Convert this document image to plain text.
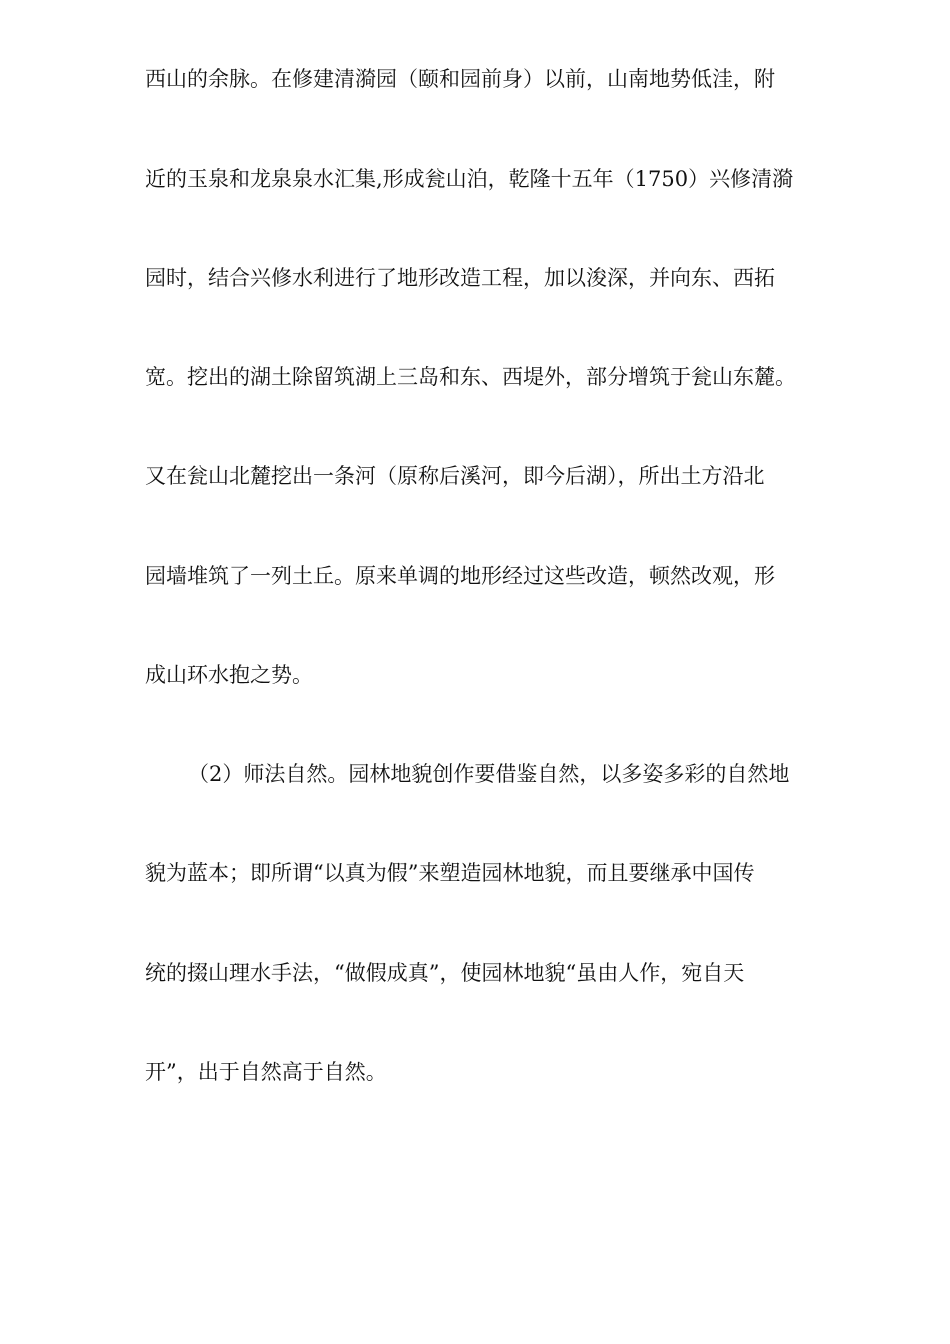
西山的余脉。在修建清漪园（颐和园前身）以前，山南地势低洼，附
近的玉泉和龙泉泉水汇集,形成瓮山泊，乾隆十五年（1750）兴修清漪
园时，结合兴修水利进行了地形改造工程，加以浚深，并向东、西拓
宽。挖出的湖土除留筑湖上三岛和东、西堤外，部分增筑于瓮山东麓。
又在瓮山北麓挖出一条河（原称后溪河，即今后湖），所出土方沿北
园墙堆筑了一列土丘。原来单调的地形经过这些改造，顿然改观，形
成山环水抱之势。
（2）师法自然。园林地貌创作要借鉴自然，以多姿多彩的自然地
貌为蓝本；即所谓“以真为假”来塑造园林地貌，而且要继承中国传
统的掇山理水手法，“做假成真”，使园林地貌“虽由人作，宛自天
开”，出于自然高于自然。
